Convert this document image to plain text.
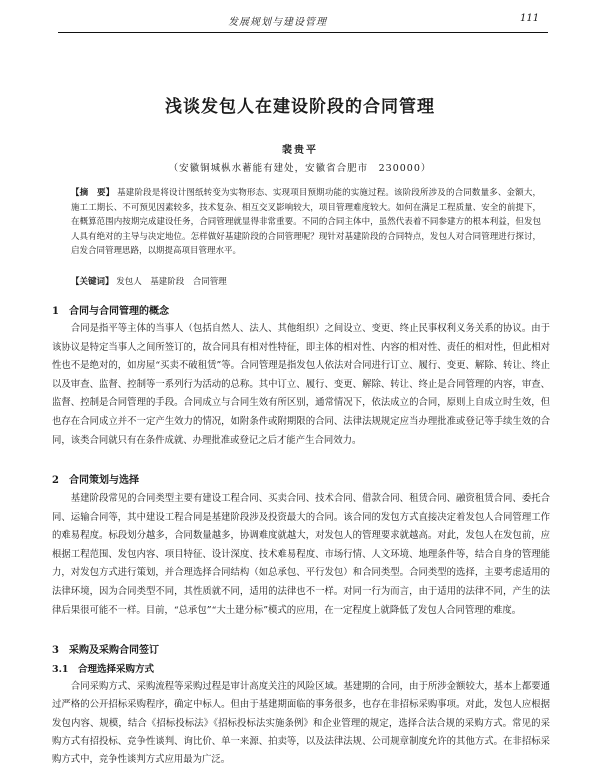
发展规划与建设管理	111
浅谈发包人在建设阶段的合同管理
裴贵平
（安徽铜城枞水蓄能有建处，安徽省合肥市　230000）
【摘　要】 基建阶段是将设计图纸转变为实物形态、实现项目预期功能的实施过程。该阶段所涉及的合同数量多、金额大，施工工期长、不可预见因素较多，技术复杂、相互交叉影响较大，项目管理难度较大。如何在满足工程质量、安全的前提下，在概算范围内按期完成建设任务，合同管理就显得非常重要。不同的合同主体中，虽然代表着不同参建方的根本利益，但发包人具有绝对的主导与决定地位。怎样做好基建阶段的合同管理呢？现针对基建阶段的合同特点，发包人对合同管理进行探讨，启发合同管理思路，以期提高项目管理水平。
【关键词】 发包人　基建阶段　合同管理
1　合同与合同管理的概念
合同是指平等主体的当事人（包括自然人、法人、其他组织）之间设立、变更、终止民事权利义务关系的协议。由于该协议是特定当事人之间所签订的，故合同具有相对性特征，即主体的相对性、内容的相对性、责任的相对性，但此相对性也不是绝对的，如房屋“买卖不破租赁”等。合同管理是指发包人依法对合同进行订立、履行、变更、解除、转让、终止以及审查、监督、控制等一系列行为活动的总称。其中订立、履行、变更、解除、转让、终止是合同管理的内容，审查、监督、控制是合同管理的手段。合同成立与合同生效有所区别，通常情况下，依法成立的合同，原则上自成立时生效，但也存在合同成立并不一定产生效力的情况，如附条件或附期限的合同、法律法规规定应当办理批准或登记等手续生效的合同，该类合同就只有在条件成就、办理批准或登记之后才能产生合同效力。
2　合同策划与选择
基建阶段常见的合同类型主要有建设工程合同、买卖合同、技术合同、借款合同、租赁合同、融资租赁合同、委托合同、运输合同等，其中建设工程合同是基建阶段涉及投资最大的合同。该合同的发包方式直接决定着发包人合同管理工作的难易程度。标段划分越多，合同数量越多，协调难度就越大，对发包人的管理要求就越高。对此，发包人在发包前，应根据工程范围、发包内容、项目特征、设计深度、技术难易程度、市场行情、人文环境、地理条件等，结合自身的管理能力，对发包方式进行策划，并合理选择合同结构（如总承包、平行发包）和合同类型。合同类型的选择，主要考虑适用的法律环境，因为合同类型不同，其性质就不同，适用的法律也不一样。对同一行为而言，由于适用的法律不同，产生的法律后果很可能不一样。目前，“总承包”“大土建分标”模式的应用，在一定程度上就降低了发包人合同管理的难度。
3　采购及采购合同签订
3.1　合理选择采购方式
合同采购方式、采购流程等采购过程是审计高度关注的风险区域。基建期的合同，由于所涉金额较大，基本上都要通过严格的公开招标采购程序，确定中标人。但由于基建期面临的事务很多，也存在非招标采购事项。对此，发包人应根据发包内容、规模，结合《招标投标法》《招标投标法实施条例》和企业管理的规定，选择合法合规的采购方式。常见的采购方式有招投标、竞争性谈判、询比价、单一来源、拍卖等，以及法律法规、公司规章制度允许的其他方式。在非招标采购方式中，竞争性谈判方式应用最为广泛。
